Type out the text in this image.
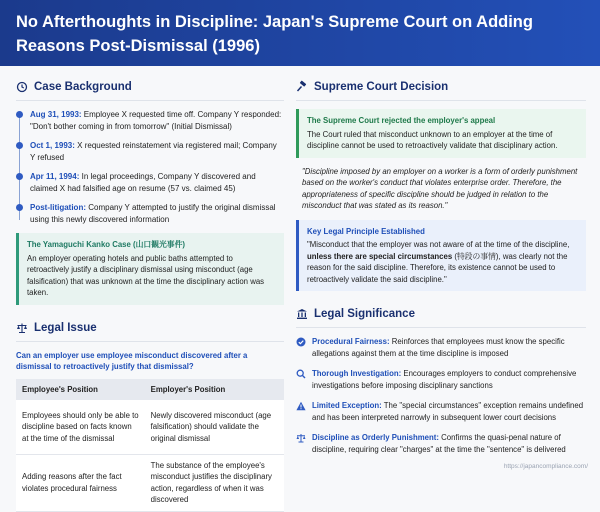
No Afterthoughts in Discipline: Japan's Supreme Court on Adding Reasons Post-Dismissal (1996)
Case Background
Aug 31, 1993: Employee X requested time off. Company Y responded: "Don't bother coming in from tomorrow" (Initial Dismissal)
Oct 1, 1993: X requested reinstatement via registered mail; Company Y refused
Apr 11, 1994: In legal proceedings, Company Y discovered and claimed X had falsified age on resume (57 vs. claimed 45)
Post-litigation: Company Y attempted to justify the original dismissal using this newly discovered information
The Yamaguchi Kanko Case (山口観光事件)
An employer operating hotels and public baths attempted to retroactively justify a disciplinary dismissal using misconduct (age falsification) that was unknown at the time the disciplinary action was taken.
Legal Issue
Can an employer use employee misconduct discovered after a dismissal to retroactively justify that dismissal?
Employee's Position	Employer's Position
Employees should only be able to discipline based on facts known at the time of the dismissal	Newly discovered misconduct (age falsification) should validate the original dismissal
Adding reasons after the fact violates procedural fairness	The substance of the employee's misconduct justifies the disciplinary action, regardless of when it was discovered
Supreme Court Decision
The Supreme Court rejected the employer's appeal
The Court ruled that misconduct unknown to an employer at the time of discipline cannot be used to retroactively validate that disciplinary action.
"Discipline imposed by an employer on a worker is a form of orderly punishment based on the worker's conduct that violates enterprise order. Therefore, the appropriateness of specific discipline should be judged in relation to the misconduct that was stated as its reason."
Key Legal Principle Established
"Misconduct that the employer was not aware of at the time of the discipline, unless there are special circumstances (特段の事情), was clearly not the reason for the said discipline. Therefore, its existence cannot be used to retroactively validate the said discipline."
Legal Significance
Procedural Fairness: Reinforces that employees must know the specific allegations against them at the time discipline is imposed
Thorough Investigation: Encourages employers to conduct comprehensive investigations before imposing disciplinary sanctions
Limited Exception: The "special circumstances" exception remains undefined and has been interpreted narrowly in subsequent lower court decisions
Discipline as Orderly Punishment: Confirms the quasi-penal nature of discipline, requiring clear "charges" at the time the "sentence" is delivered
https://japancompliance.com/
